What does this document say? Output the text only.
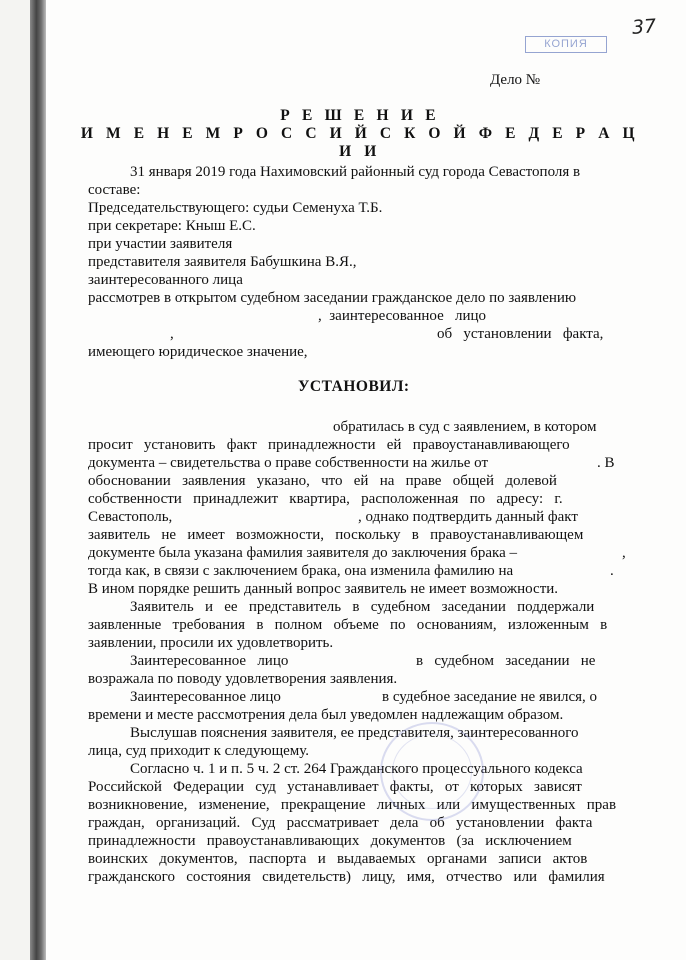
37
КОПИЯ
Дело №
Р Е Ш Е Н И Е
И М Е Н Е М Р О С С И Й С К О Й Ф Е Д Е Р А Ц И И
31 января 2019 года Нахимовский районный суд города Севастополя в
составе:
Председательствующего: судьи Семенуха Т.Б.
при секретаре: Кныш Е.С.
при участии заявителя
представителя заявителя Бабушкина В.Я.,
заинтересованного лица
рассмотрев в открытом судебном заседании гражданское дело по заявлению
,  заинтересованное   лицо
,	об   установлении   факта,
имеющего юридическое значение,
УСТАНОВИЛ:
обратилась в суд с заявлением, в котором
просит   установить   факт   принадлежности   ей   правоустанавливающего
документа – свидетельства о праве собственности на жилье от	. В
обосновании   заявления   указано,   что   ей   на   праве   общей   долевой
собственности   принадлежит   квартира,   расположенная   по   адресу:   г.
Севастополь,	, однако подтвердить данный факт
заявитель   не   имеет   возможности,   поскольку   в   правоустанавливающем
документе была указана фамилия заявителя до заключения брака –	,
тогда как, в связи с заключением брака, она изменила фамилию на	.
В ином порядке решить данный вопрос заявитель не имеет возможности.
Заявитель   и   ее   представитель   в   судебном   заседании   поддержали
заявленные   требования   в   полном   объеме   по   основаниям,   изложенным   в
заявлении, просили их удовлетворить.
Заинтересованное   лицо	в   судебном   заседании   не
возражала по поводу удовлетворения заявления.
Заинтересованное лицо	в судебное заседание не явился, о
времени и месте рассмотрения дела был уведомлен надлежащим образом.
Выслушав пояснения заявителя, ее представителя, заинтересованного
лица, суд приходит к следующему.
Согласно ч. 1 и п. 5 ч. 2 ст. 264 Гражданского процессуального кодекса
Российской   Федерации   суд   устанавливает   факты,   от   которых   зависят
возникновение,   изменение,   прекращение   личных   или   имущественных   прав
граждан,   организаций.   Суд   рассматривает   дела   об   установлении   факта
принадлежности   правоустанавливающих   документов   (за   исключением
воинских   документов,   паспорта   и   выдаваемых   органами   записи   актов
гражданского   состояния   свидетельств)   лицу,   имя,   отчество   или   фамилия
